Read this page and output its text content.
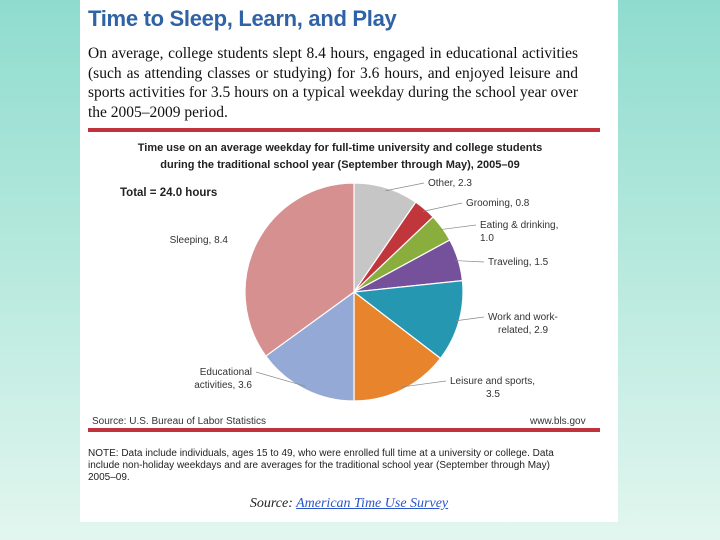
Time to Sleep, Learn, and Play

On average, college students slept 8.4 hours, engaged in educational activities (such as attending classes or studying) for 3.6 hours, and enjoyed leisure and sports activities for 3.5 hours on a typical weekday during the school year over the 2005–2009 period.

Time use on an average weekday for full-time university and college students
during the traditional school year (September through May), 2005–09
Other, 2.3
Grooming, 0.8
Eating & drinking, 1.0
Traveling, 1.5
Work and work-related, 2.9
Leisure and sports, 3.5
Educational activities, 3.6
Sleeping, 8.4
Total = 24.0 hours
Source: U.S. Bureau of Labor Statistics	www.bls.gov

NOTE: Data include individuals, ages 15 to 49, who were enrolled full time at a university or college. Data include non-holiday weekdays and are averages for the traditional school year (September through May) 2005–09.

Source: American Time Use Survey
